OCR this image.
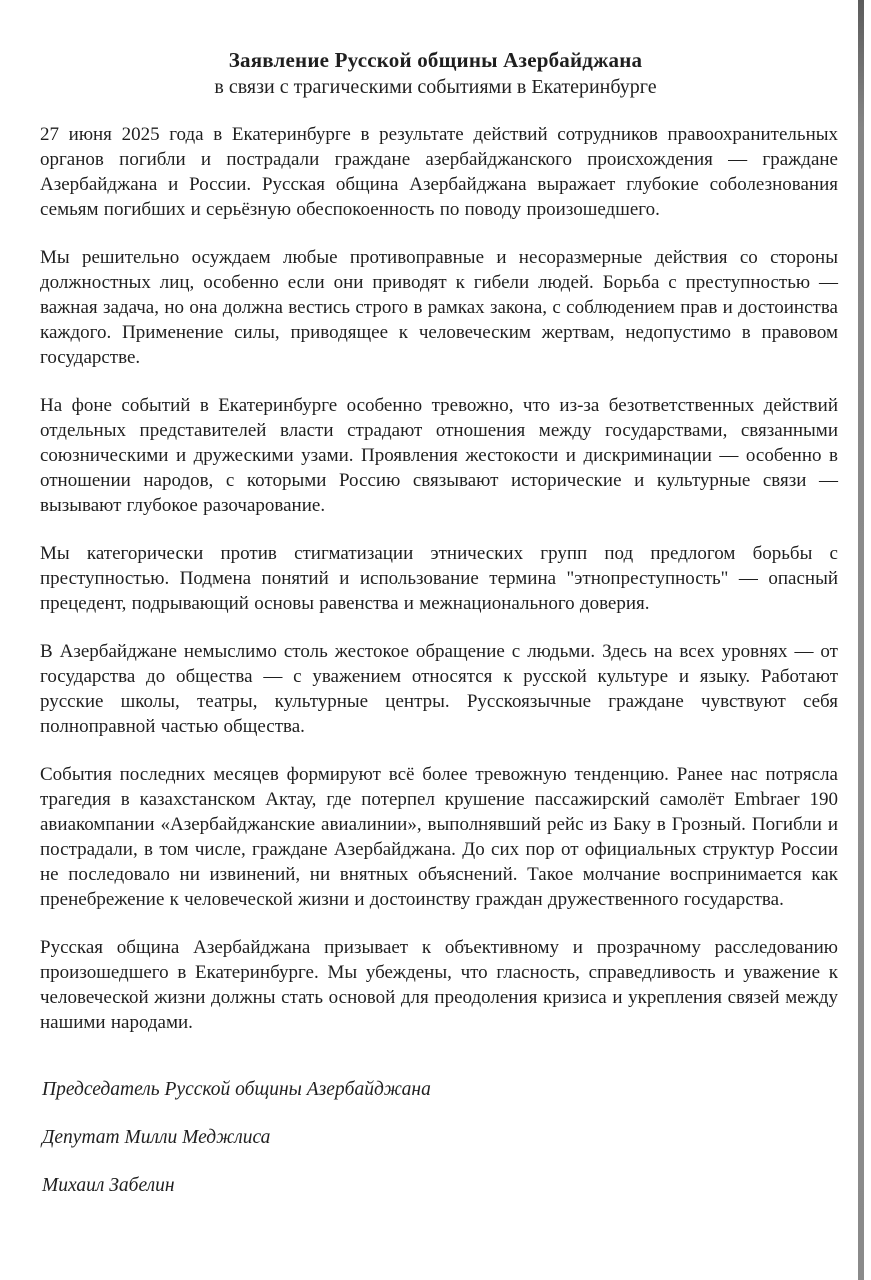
Заявление Русской общины Азербайджана
в связи с трагическими событиями в Екатеринбурге

27 июня 2025 года в Екатеринбурге в результате действий сотрудников правоохранительных органов погибли и пострадали граждане азербайджанского происхождения — граждане Азербайджана и России. Русская община Азербайджана выражает глубокие соболезнования семьям погибших и серьёзную обеспокоенность по поводу произошедшего.

Мы решительно осуждаем любые противоправные и несоразмерные действия со стороны должностных лиц, особенно если они приводят к гибели людей. Борьба с преступностью — важная задача, но она должна вестись строго в рамках закона, с соблюдением прав и достоинства каждого. Применение силы, приводящее к человеческим жертвам, недопустимо в правовом государстве.

На фоне событий в Екатеринбурге особенно тревожно, что из-за безответственных действий отдельных представителей власти страдают отношения между государствами, связанными союзническими и дружескими узами. Проявления жестокости и дискриминации — особенно в отношении народов, с которыми Россию связывают исторические и культурные связи — вызывают глубокое разочарование.

Мы категорически против стигматизации этнических групп под предлогом борьбы с преступностью. Подмена понятий и использование термина "этнопреступность" — опасный прецедент, подрывающий основы равенства и межнационального доверия.

В Азербайджане немыслимо столь жестокое обращение с людьми. Здесь на всех уровнях — от государства до общества — с уважением относятся к русской культуре и языку. Работают русские школы, театры, культурные центры. Русскоязычные граждане чувствуют себя полноправной частью общества.

События последних месяцев формируют всё более тревожную тенденцию. Ранее нас потрясла трагедия в казахстанском Актау, где потерпел крушение пассажирский самолёт Embraer 190 авиакомпании «Азербайджанские авиалинии», выполнявший рейс из Баку в Грозный. Погибли и пострадали, в том числе, граждане Азербайджана. До сих пор от официальных структур России не последовало ни извинений, ни внятных объяснений. Такое молчание воспринимается как пренебрежение к человеческой жизни и достоинству граждан дружественного государства.

Русская община Азербайджана призывает к объективному и прозрачному расследованию произошедшего в Екатеринбурге. Мы убеждены, что гласность, справедливость и уважение к человеческой жизни должны стать основой для преодоления кризиса и укрепления связей между нашими народами.

Председатель Русской общины Азербайджана

Депутат Милли Меджлиса

Михаил Забелин
